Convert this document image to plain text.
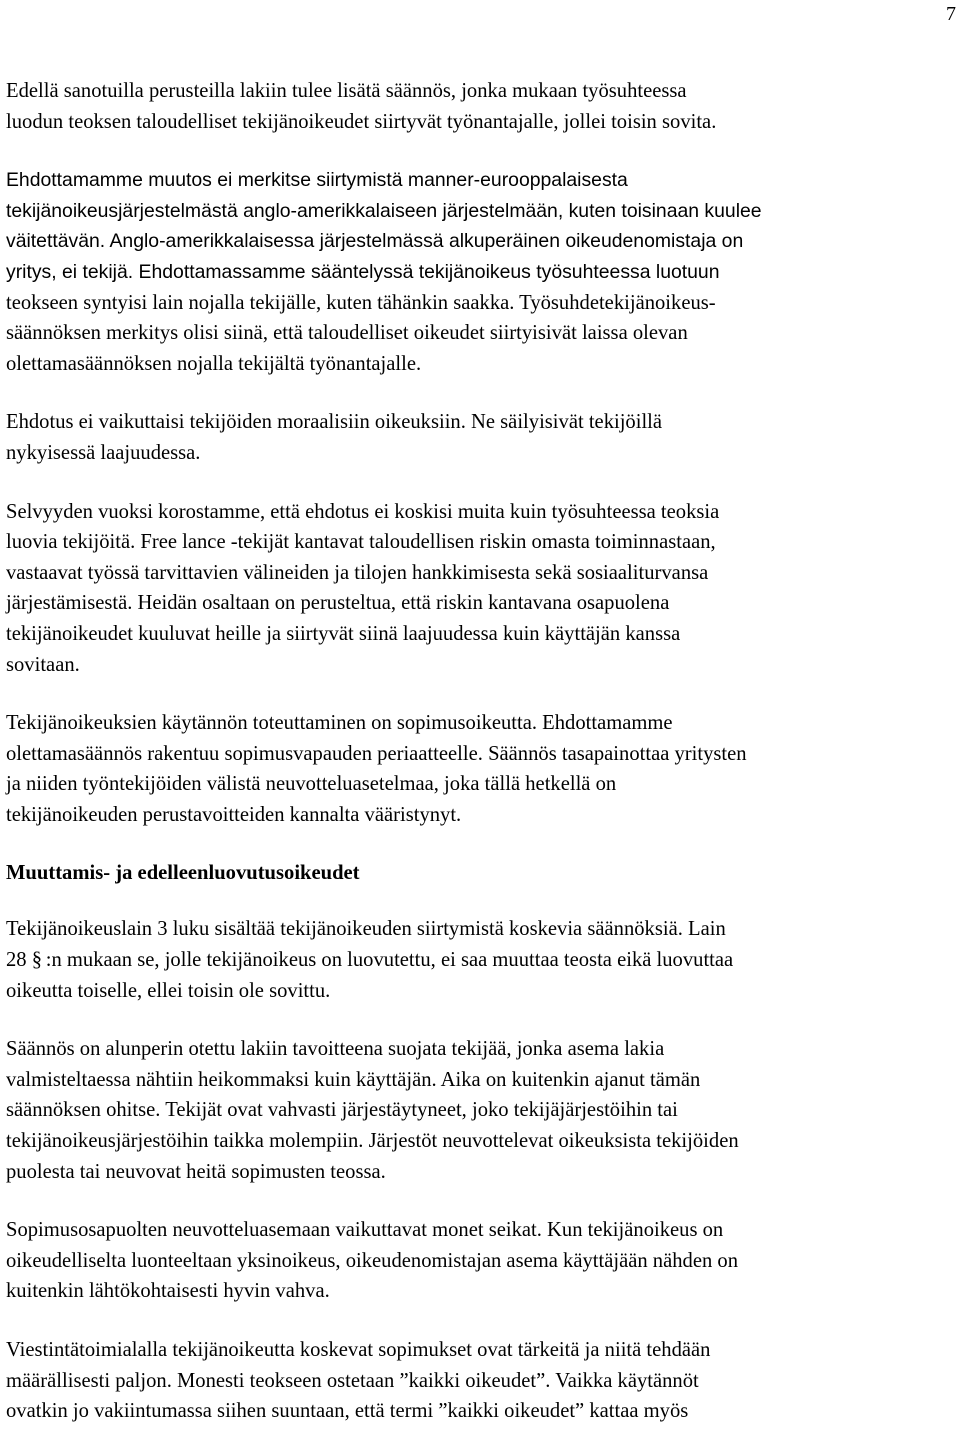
7

Edellä sanotuilla perusteilla lakiin tulee lisätä säännös, jonka mukaan työsuhteessa
luodun teoksen taloudelliset tekijänoikeudet siirtyvät työnantajalle, jollei toisin sovita.

Ehdottamamme muutos ei merkitse siirtymistä manner-eurooppalaisesta
tekijänoikeusjärjestelmästä anglo-amerikkalaiseen järjestelmään, kuten toisinaan kuulee
väitettävän. Anglo-amerikkalaisessa järjestelmässä alkuperäinen oikeudenomistaja on
yritys, ei tekijä. Ehdottamassamme sääntelyssä tekijänoikeus työsuhteessa luotuun
teokseen syntyisi lain nojalla tekijälle, kuten tähänkin saakka. Työsuhdetekijänoikeus-
säännöksen merkitys olisi siinä, että taloudelliset oikeudet siirtyisivät laissa olevan
olettamasäännöksen nojalla tekijältä työnantajalle.

Ehdotus ei vaikuttaisi tekijöiden moraalisiin oikeuksiin. Ne säilyisivät tekijöillä
nykyisessä laajuudessa.

Selvyyden vuoksi korostamme, että ehdotus ei koskisi muita kuin työsuhteessa teoksia
luovia tekijöitä. Free lance -tekijät kantavat taloudellisen riskin omasta toiminnastaan,
vastaavat työssä tarvittavien välineiden ja tilojen hankkimisesta sekä sosiaaliturvansa
järjestämisestä. Heidän osaltaan on perusteltua, että riskin kantavana osapuolena
tekijänoikeudet kuuluvat heille ja siirtyvät siinä laajuudessa kuin käyttäjän kanssa
sovitaan.

Tekijänoikeuksien käytännön toteuttaminen on sopimusoikeutta. Ehdottamamme
olettamasäännös rakentuu sopimusvapauden periaatteelle. Säännös tasapainottaa yritysten
ja niiden työntekijöiden välistä neuvotteluasetelmaa, joka tällä hetkellä on
tekijänoikeuden perustavoitteiden kannalta vääristynyt.

Muuttamis- ja edelleenluovutusoikeudet

Tekijänoikeuslain 3 luku sisältää tekijänoikeuden siirtymistä koskevia säännöksiä. Lain
28 § :n mukaan se, jolle tekijänoikeus on luovutettu, ei saa muuttaa teosta eikä luovuttaa
oikeutta toiselle, ellei toisin ole sovittu.

Säännös on alunperin otettu lakiin tavoitteena suojata tekijää, jonka asema lakia
valmisteltaessa nähtiin heikommaksi kuin käyttäjän. Aika on kuitenkin ajanut tämän
säännöksen ohitse. Tekijät ovat vahvasti järjestäytyneet, joko tekijäjärjestöihin tai
tekijänoikeusjärjestöihin taikka molempiin. Järjestöt neuvottelevat oikeuksista tekijöiden
puolesta tai neuvovat heitä sopimusten teossa.

Sopimusosapuolten neuvotteluasemaan vaikuttavat monet seikat. Kun tekijänoikeus on
oikeudelliselta luonteeltaan yksinoikeus, oikeudenomistajan asema käyttäjään nähden on
kuitenkin lähtökohtaisesti hyvin vahva.

Viestintätoimialalla tekijänoikeutta koskevat sopimukset ovat tärkeitä ja niitä tehdään
määrällisesti paljon. Monesti teokseen ostetaan ”kaikki oikeudet”. Vaikka käytännöt
ovatkin jo vakiintumassa siihen suuntaan, että termi ”kaikki oikeudet” kattaa myös
